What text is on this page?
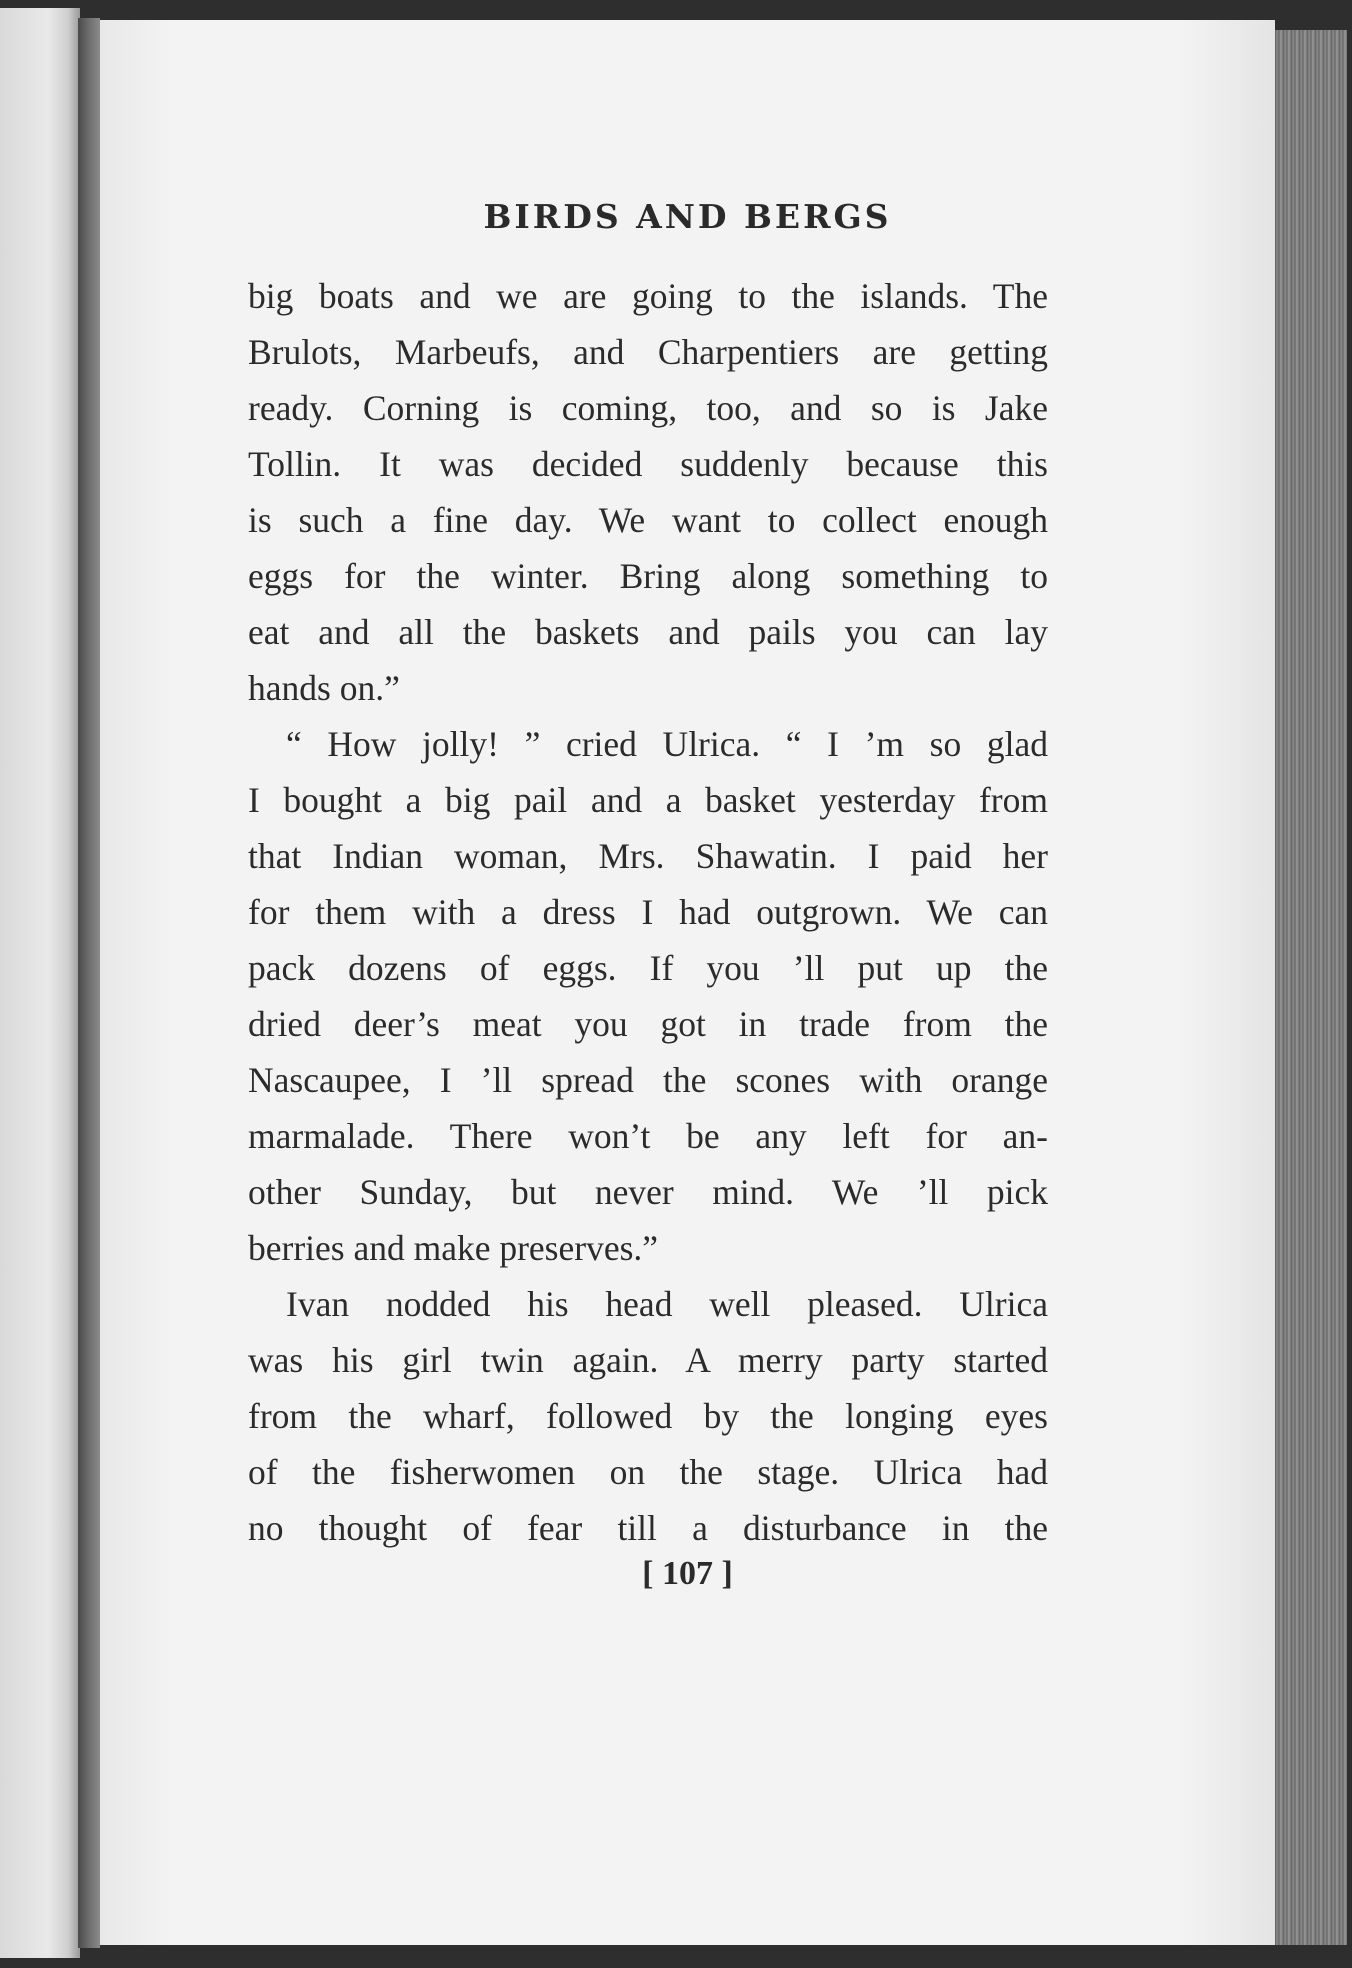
BIRDS AND BERGS
big boats and we are going to the islands. The
Brulots, Marbeufs, and Charpentiers are getting
ready. Corning is coming, too, and so is Jake
Tollin. It was decided suddenly because this
is such a fine day. We want to collect enough
eggs for the winter. Bring along something to
eat and all the baskets and pails you can lay
hands on.”
“ How jolly! ” cried Ulrica. “ I ’m so glad
I bought a big pail and a basket yesterday from
that Indian woman, Mrs. Shawatin. I paid her
for them with a dress I had outgrown. We can
pack dozens of eggs. If you ’ll put up the
dried deer’s meat you got in trade from the
Nascaupee, I ’ll spread the scones with orange
marmalade. There won’t be any left for an-
other Sunday, but never mind. We ’ll pick
berries and make preserves.”
Ivan nodded his head well pleased. Ulrica
was his girl twin again. A merry party started
from the wharf, followed by the longing eyes
of the fisherwomen on the stage. Ulrica had
no thought of fear till a disturbance in the
[ 107 ]
